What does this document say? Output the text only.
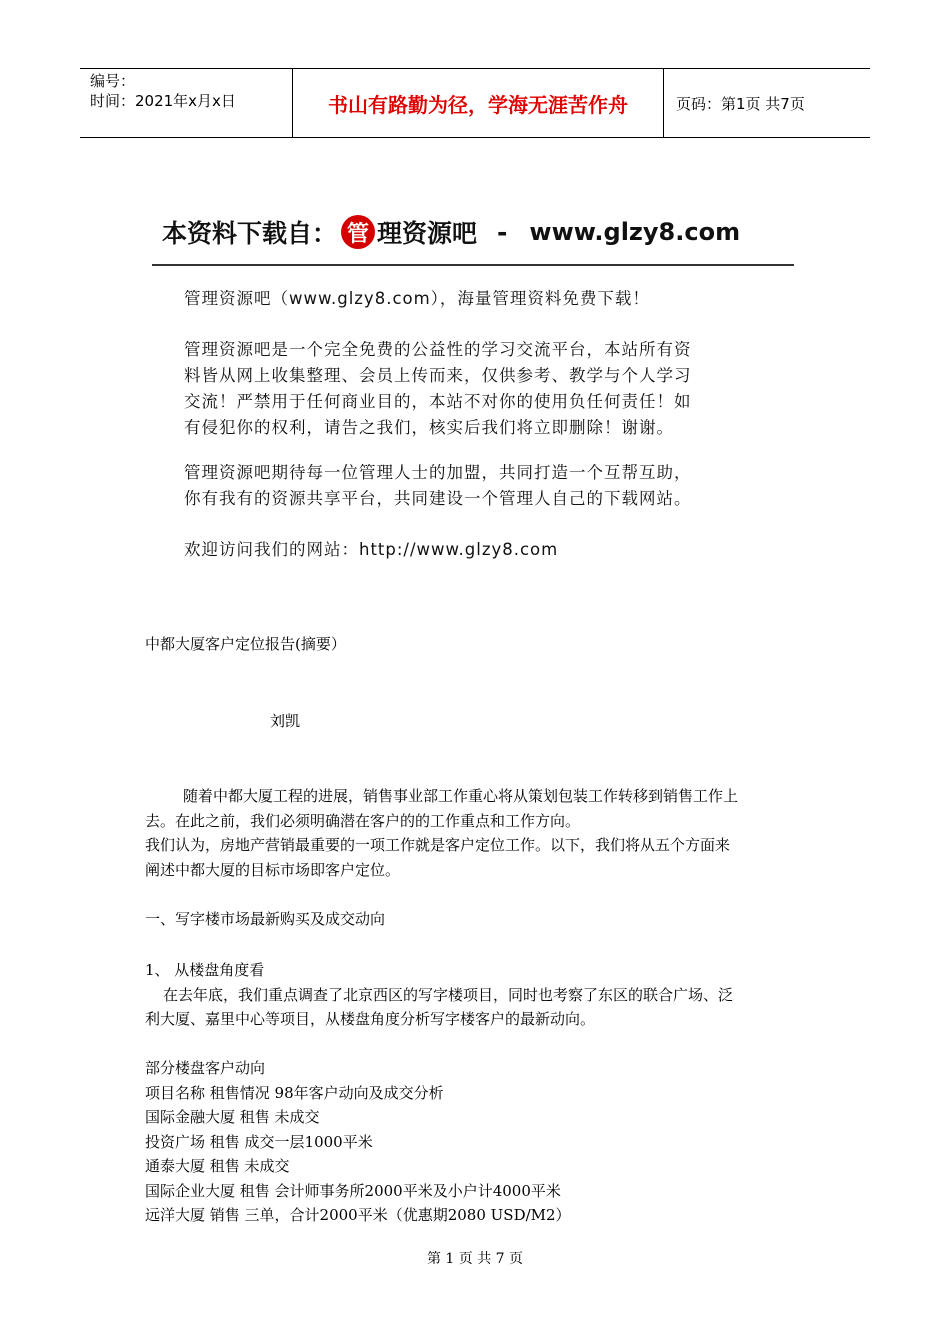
编号：
时间：2021年x月x日	书山有路勤为径，学海无涯苦作舟	页码：第1页 共7页
本资料下载自： 管 理资源吧 - www.glzy8.com

管理资源吧（www.glzy8.com），海量管理资料免费下载！

管理资源吧是一个完全免费的公益性的学习交流平台，本站所有资

料皆从网上收集整理、会员上传而来，仅供参考、教学与个人学习

交流！严禁用于任何商业目的，本站不对你的使用负任何责任！如

有侵犯你的权利，请告之我们，核实后我们将立即删除！谢谢。

管理资源吧期待每一位管理人士的加盟，共同打造一个互帮互助，

你有我有的资源共享平台，共同建设一个管理人自己的下载网站。

欢迎访问我们的网站：http://www.glzy8.com

中都大厦客户定位报告(摘要）

刘凯

随着中都大厦工程的进展，销售事业部工作重心将从策划包装工作转移到销售工作上

去。在此之前，我们必须明确潜在客户的的工作重点和工作方向。

我们认为，房地产营销最重要的一项工作就是客户定位工作。以下，我们将从五个方面来

阐述中都大厦的目标市场即客户定位。

一、写字楼市场最新购买及成交动向

1、 从楼盘角度看

在去年底，我们重点调查了北京西区的写字楼项目，同时也考察了东区的联合广场、泛

利大厦、嘉里中心等项目，从楼盘角度分析写字楼客户的最新动向。

部分楼盘客户动向

项目名称 租售情况 98年客户动向及成交分析

国际金融大厦 租售 未成交

投资广场 租售 成交一层1000平米

通泰大厦 租售 未成交

国际企业大厦 租售 会计师事务所2000平米及小户计4000平米

远洋大厦 销售 三单，合计2000平米（优惠期2080 USD/M2）

第 1 页 共 7 页
